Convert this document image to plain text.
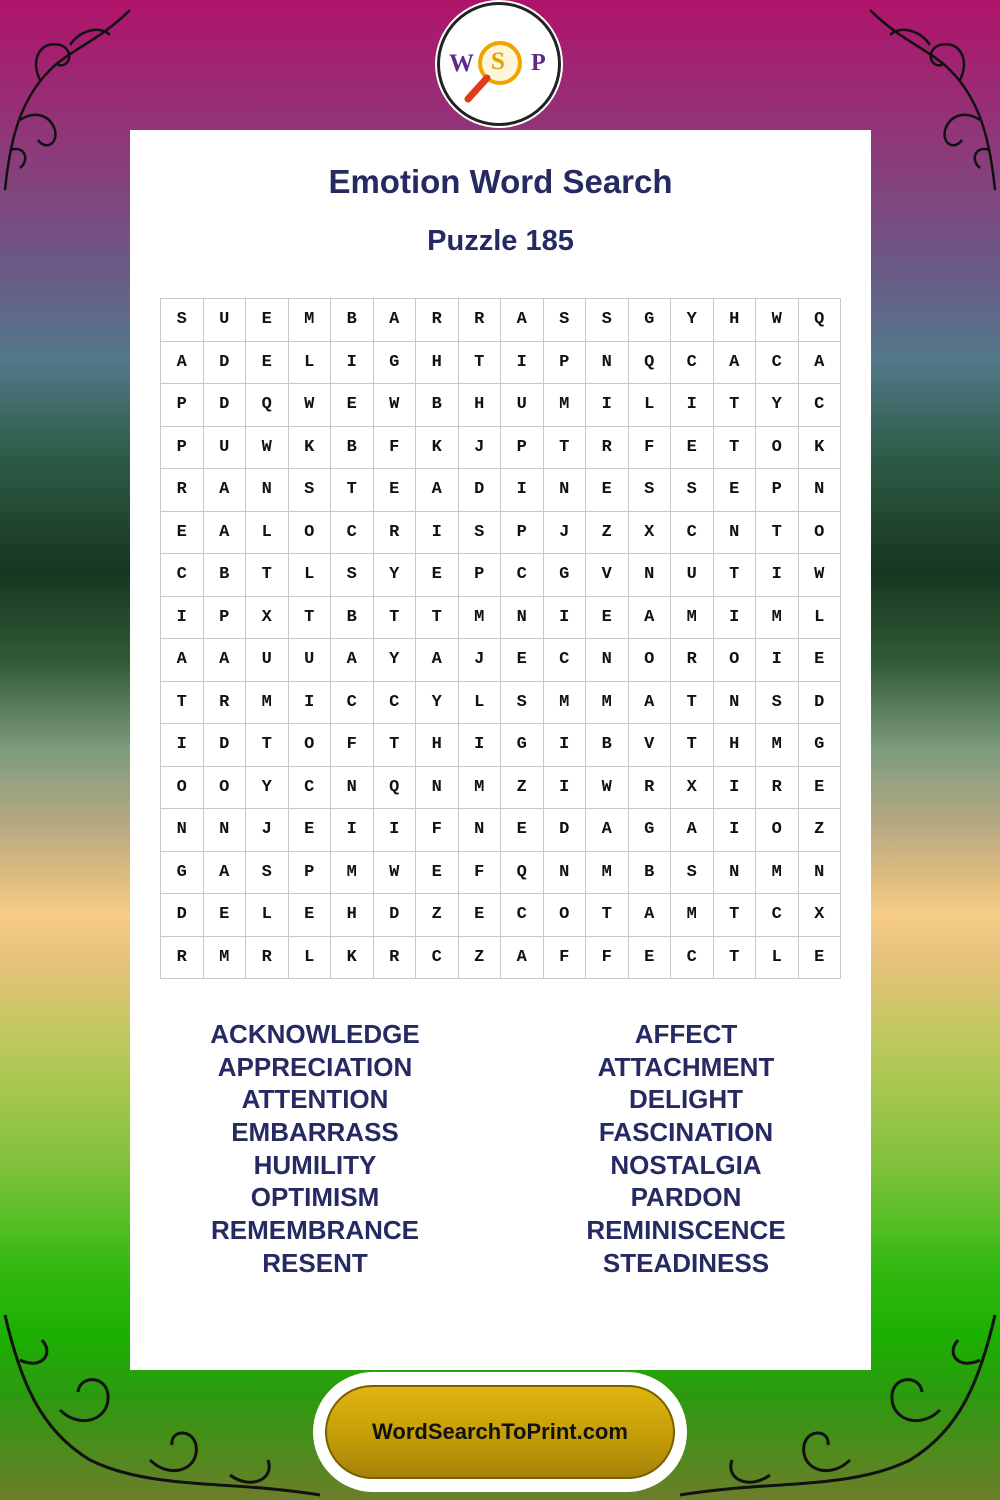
W S P
Emotion Word Search
Puzzle 185
S	U	E	M	B	A	R	R	A	S	S	G	Y	H	W	Q
A	D	E	L	I	G	H	T	I	P	N	Q	C	A	C	A
P	D	Q	W	E	W	B	H	U	M	I	L	I	T	Y	C
P	U	W	K	B	F	K	J	P	T	R	F	E	T	O	K
R	A	N	S	T	E	A	D	I	N	E	S	S	E	P	N
E	A	L	O	C	R	I	S	P	J	Z	X	C	N	T	O
C	B	T	L	S	Y	E	P	C	G	V	N	U	T	I	W
I	P	X	T	B	T	T	M	N	I	E	A	M	I	M	L
A	A	U	U	A	Y	A	J	E	C	N	O	R	O	I	E
T	R	M	I	C	C	Y	L	S	M	M	A	T	N	S	D
I	D	T	O	F	T	H	I	G	I	B	V	T	H	M	G
O	O	Y	C	N	Q	N	M	Z	I	W	R	X	I	R	E
N	N	J	E	I	I	F	N	E	D	A	G	A	I	O	Z
G	A	S	P	M	W	E	F	Q	N	M	B	S	N	M	N
D	E	L	E	H	D	Z	E	C	O	T	A	M	T	C	X
R	M	R	L	K	R	C	Z	A	F	F	E	C	T	L	E
ACKNOWLEDGE
APPRECIATION
ATTENTION
EMBARRASS
HUMILITY
OPTIMISM
REMEMBRANCE
RESENT
AFFECT
ATTACHMENT
DELIGHT
FASCINATION
NOSTALGIA
PARDON
REMINISCENCE
STEADINESS
WordSearchToPrint.com
